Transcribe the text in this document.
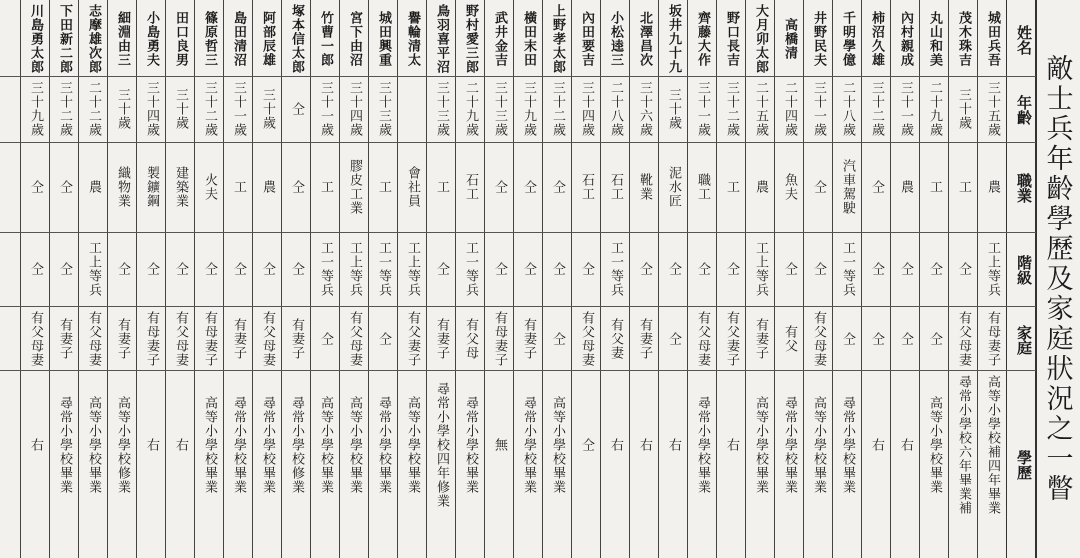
敵士兵年齡學歷及家庭狀況之一瞥
姓名
年齡
職業
階級
家庭
學歷
城田兵吾
三十五歲
農
工上等兵
有母妻子
高等小學校補四年畢業
茂木珠吉
三十歲
工
仝
有父母妻
尋常小學校六年畢業補
丸山和美
二十九歲
工
仝
仝
高等小學校畢業
內村親成
三十一歲
農
仝
仝
右
柿沼久雄
三十二歲
仝
仝
仝
右
千明學億
二十八歲
汽車駕駛
工一等兵
仝
尋常小學校畢業
井野民夫
三十一歲
仝
仝
有父母妻
高等小學校畢業
高橋清
二十四歲
魚夫
仝
有父
尋常小學校畢業
大月卯太郎
二十五歲
農
工上等兵
有妻子
高等小學校畢業
野口長吉
三十二歲
工
仝
有父妻子
右
齊藤大作
三十一歲
職工
仝
有父母妻
尋常小學校畢業
坂井九十九
三十歲
泥水匠
仝
仝
右
北澤昌次
三十六歲
靴業
仝
有妻子
右
小松逵三
二十八歲
石工
工一等兵
有父妻
右
內田要吉
三十四歲
石工
仝
有父母妻
仝
上野孝太郎
三十二歲
仝
仝
仝
高等小學校畢業
橫田末田
三十九歲
仝
仝
有妻子
尋常小學校畢業
武井金吉
三十三歲
仝
仝
有母妻子
無
野村愛三郎
二十九歲
石工
工一等兵
有父母
尋常小學校畢業
鳥羽喜平沼
三十三歲
工
仝
有妻子
尋常小學校四年修業
譽輪清太
會社員
工上等兵
有父妻子
高等小學校畢業
城田興重
三十三歲
工
工一等兵
仝
尋常小學校畢業
宮下由沼
三十四歲
膠皮工業
工上等兵
有父母妻
高等小學校畢業
竹曹一郎
三十一歲
工
工一等兵
仝
高等小學校畢業
塚本信太郎
仝
仝
仝
有妻子
尋常小學校修業
阿部辰雄
三十歲
農
仝
有父母妻
尋常小學校畢業
島田清沼
三十一歲
工
仝
有妻子
尋常小學校畢業
篠原哲三
三十二歲
火夫
仝
有母妻子
高等小學校畢業
田口良男
三十歲
建築業
仝
有父母妻
右
小島勇夫
三十四歲
製鑛鋼
仝
有母妻子
右
細淵由三
三十歲
織物業
仝
有妻子
高等小學校修業
志摩雄次郎
二十二歲
農
工上等兵
有父母妻
高等小學校畢業
下田新二郎
三十二歲
仝
仝
有妻子
尋常小學校畢業
川島勇太郎
三十九歲
仝
仝
有父母妻
右
